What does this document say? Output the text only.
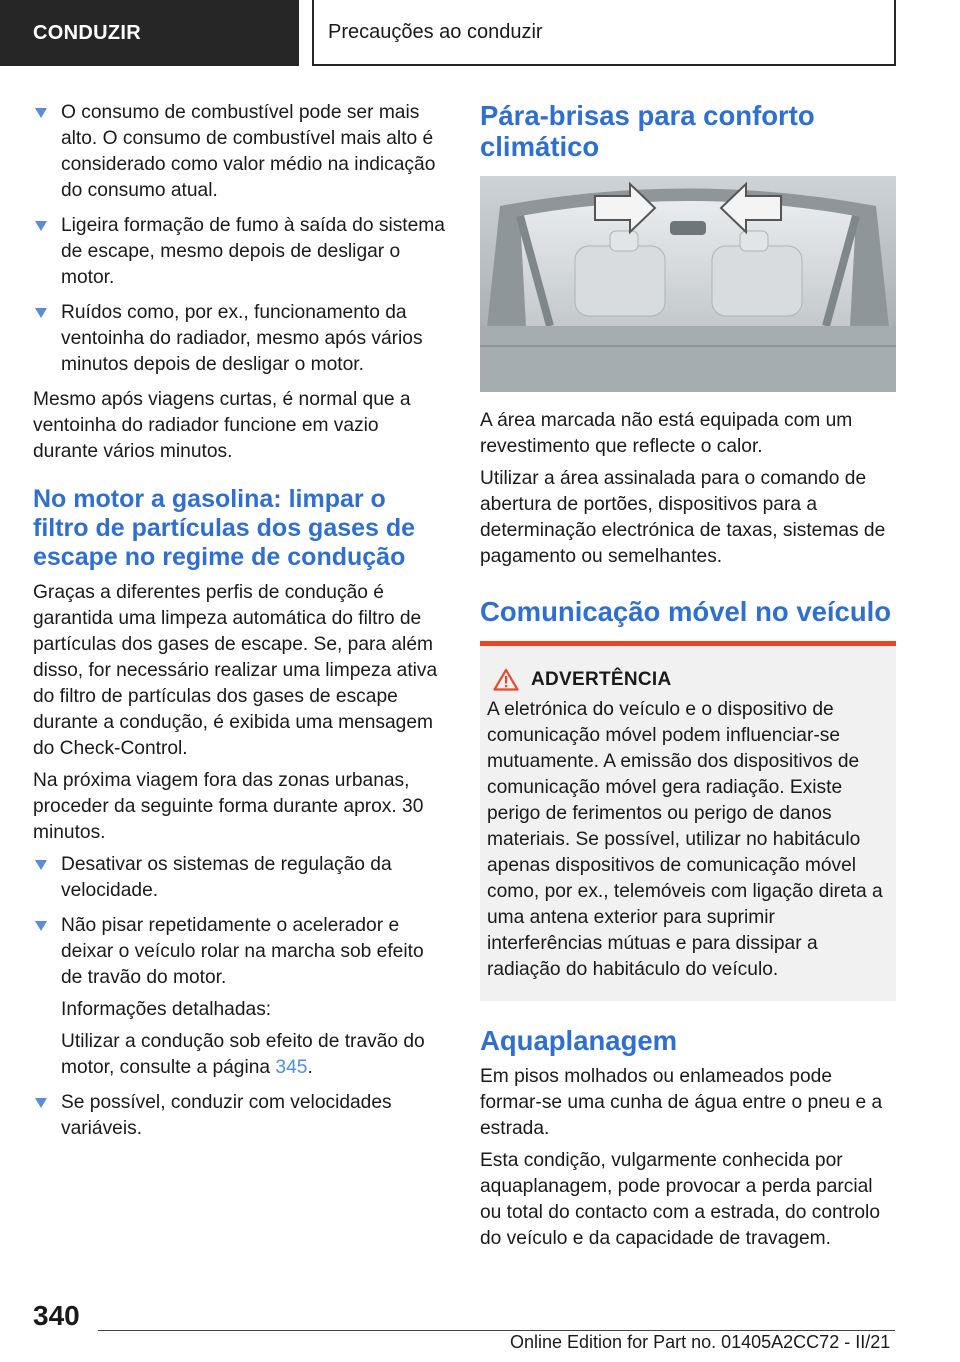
CONDUZIR	Precauções ao conduzir
O consumo de combustível pode ser mais alto. O consumo de combustível mais alto é considerado como valor médio na indicação do consumo atual.
Ligeira formação de fumo à saída do sistema de escape, mesmo depois de desligar o motor.
Ruídos como, por ex., funcionamento da ventoinha do radiador, mesmo após vários minutos depois de desligar o motor.

Mesmo após viagens curtas, é normal que a ventoinha do radiador funcione em vazio durante vários minutos.

No motor a gasolina: limpar o filtro de partículas dos gases de escape no regime de condução

Graças a diferentes perfis de condução é garantida uma limpeza automática do filtro de partículas dos gases de escape. Se, para além disso, for necessário realizar uma limpeza ativa do filtro de partículas dos gases de escape durante a condução, é exibida uma mensagem do Check-Control.

Na próxima viagem fora das zonas urbanas, proceder da seguinte forma durante aprox. 30 minutos.

Desativar os sistemas de regulação da velocidade.
Não pisar repetidamente o acelerador e deixar o veículo rolar na marcha sob efeito de travão do motor.
Informações detalhadas:
Utilizar a condução sob efeito de travão do motor, consulte a página 345.
Se possível, conduzir com velocidades variáveis.
Pára-brisas para conforto climático

A área marcada não está equipada com um revestimento que reflecte o calor.

Utilizar a área assinalada para o comando de abertura de portões, dispositivos para a determinação electrónica de taxas, sistemas de pagamento ou semelhantes.

Comunicação móvel no veículo
ADVERTÊNCIA

A eletrónica do veículo e o dispositivo de comunicação móvel podem influenciar-se mutuamente. A emissão dos dispositivos de comunicação móvel gera radiação. Existe perigo de ferimentos ou perigo de danos materiais. Se possível, utilizar no habitáculo apenas dispositivos de comunicação móvel como, por ex., telemóveis com ligação direta a uma antena exterior para suprimir interferências mútuas e para dissipar a radiação do habitáculo do veículo.

Aquaplanagem

Em pisos molhados ou enlameados pode formar-se uma cunha de água entre o pneu e a estrada.

Esta condição, vulgarmente conhecida por aquaplanagem, pode provocar a perda parcial ou total do contacto com a estrada, do controlo do veículo e da capacidade de travagem.

340
Online Edition for Part no. 01405A2CC72 - II/21
